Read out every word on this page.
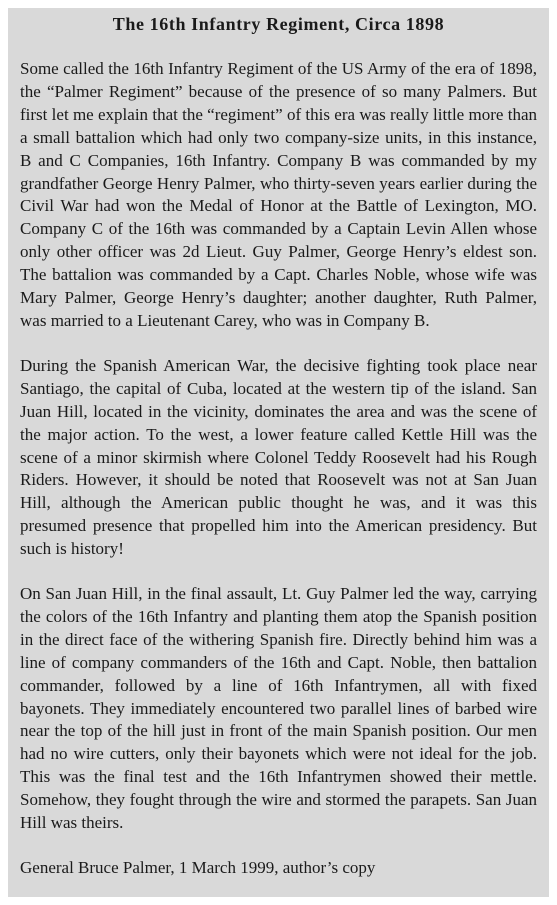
The 16th Infantry Regiment, Circa 1898

Some called the 16th Infantry Regiment of the US Army of the era of 1898, the “Palmer Regiment” because of the presence of so many Palmers. But first let me explain that the “regiment” of this era was really little more than a small battalion which had only two company-size units, in this instance, B and C Companies, 16th Infantry. Company B was commanded by my grandfather George Henry Palmer, who thirty-seven years earlier during the Civil War had won the Medal of Honor at the Battle of Lexington, MO. Company C of the 16th was commanded by a Captain Levin Allen whose only other officer was 2d Lieut. Guy Palmer, George Henry’s eldest son. The battalion was commanded by a Capt. Charles Noble, whose wife was Mary Palmer, George Henry’s daughter; another daughter, Ruth Palmer, was married to a Lieutenant Carey, who was in Company B.

During the Spanish American War, the decisive fighting took place near Santiago, the capital of Cuba, located at the western tip of the island. San Juan Hill, located in the vicinity, dominates the area and was the scene of the major action. To the west, a lower feature called Kettle Hill was the scene of a minor skirmish where Colonel Teddy Roosevelt had his Rough Riders. However, it should be noted that Roosevelt was not at San Juan Hill, although the American public thought he was, and it was this presumed presence that propelled him into the American presidency. But such is history!

On San Juan Hill, in the final assault, Lt. Guy Palmer led the way, carrying the colors of the 16th Infantry and planting them atop the Spanish position in the direct face of the withering Spanish fire. Directly behind him was a line of company commanders of the 16th and Capt. Noble, then battalion commander, followed by a line of 16th Infantrymen, all with fixed bayonets. They immediately encountered two parallel lines of barbed wire near the top of the hill just in front of the main Spanish position. Our men had no wire cutters, only their bayonets which were not ideal for the job. This was the final test and the 16th Infantrymen showed their mettle. Somehow, they fought through the wire and stormed the parapets. San Juan Hill was theirs.

General Bruce Palmer, 1 March 1999, author’s copy
